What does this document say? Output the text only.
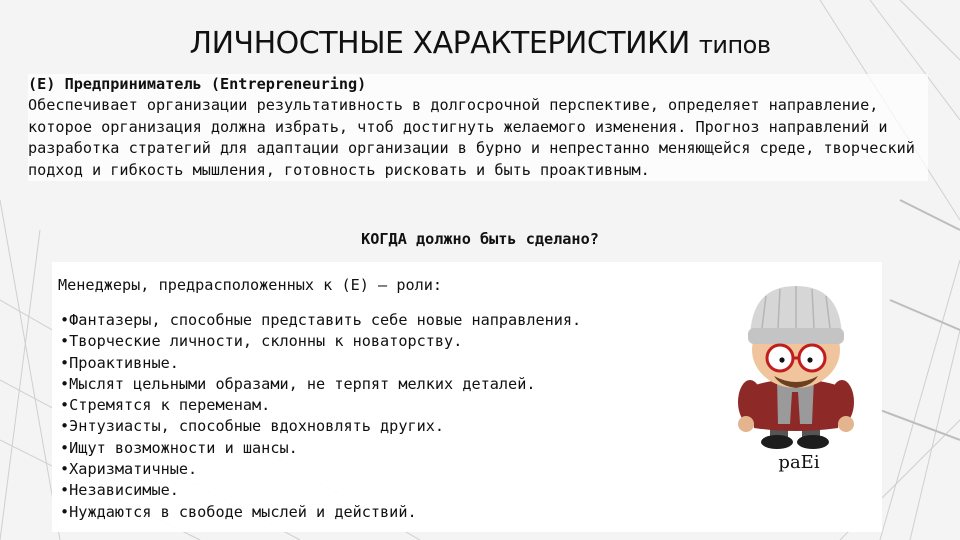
ЛИЧНОСТНЫЕ ХАРАКТЕРИСТИКИ типов
(E) Предприниматель (Entrepreneuring)
Обеспечивает организации результативность в долгосрочной перспективе, определяет направление, которое организация должна избрать, чтоб достигнуть желаемого изменения. Прогноз направлений и разработка стратегий для адаптации организации в бурно и непрестанно меняющейся среде, творческий подход и гибкость мышления, готовность рисковать и быть проактивным.
КОГДА должно быть сделано?
Менеджеры, предрасположенных к (E) – роли:
• Фантазеры, способные представить себе новые направления.
• Творческие личности, склонны к новаторству.
• Проактивные.
• Мыслят цельными образами, не терпят мелких деталей.
• Стремятся к переменам.
• Энтузиасты, способные вдохновлять других.
• Ищут возможности и шансы.
• Харизматичные.
• Независимые.
• Нуждаются в свободе мыслей и действий.
paEi
